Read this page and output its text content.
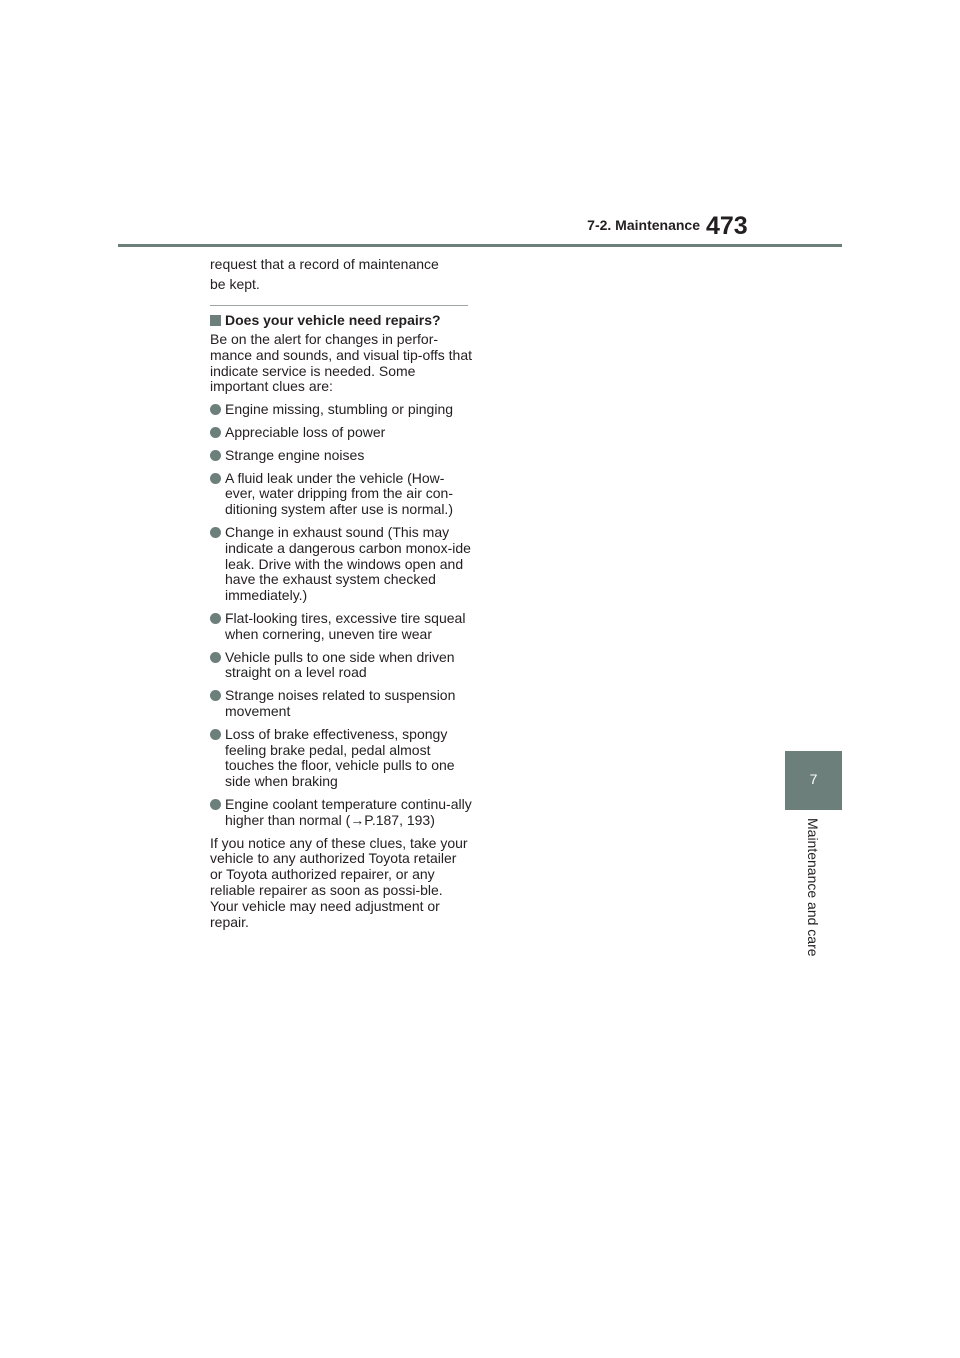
7-2. Maintenance 473
7
Maintenance and care

request that a record of maintenance

be kept.

Does your vehicle need repairs?

Be on the alert for changes in perfor-mance and sounds, and visual tip-offs that indicate service is needed. Some important clues are:

Engine missing, stumbling or pinging
Appreciable loss of power
Strange engine noises
A fluid leak under the vehicle (How-ever, water dripping from the air con-ditioning system after use is normal.)
Change in exhaust sound (This may indicate a dangerous carbon monox-ide leak. Drive with the windows open and have the exhaust system checked immediately.)
Flat-looking tires, excessive tire squeal when cornering, uneven tire wear
Vehicle pulls to one side when driven straight on a level road
Strange noises related to suspension movement
Loss of brake effectiveness, spongy feeling brake pedal, pedal almost touches the floor, vehicle pulls to one side when braking
Engine coolant temperature continu-ally higher than normal (→P.187, 193)

If you notice any of these clues, take your vehicle to any authorized Toyota retailer or Toyota authorized repairer, or any reliable repairer as soon as possi-ble.

Your vehicle may need adjustment or repair.
